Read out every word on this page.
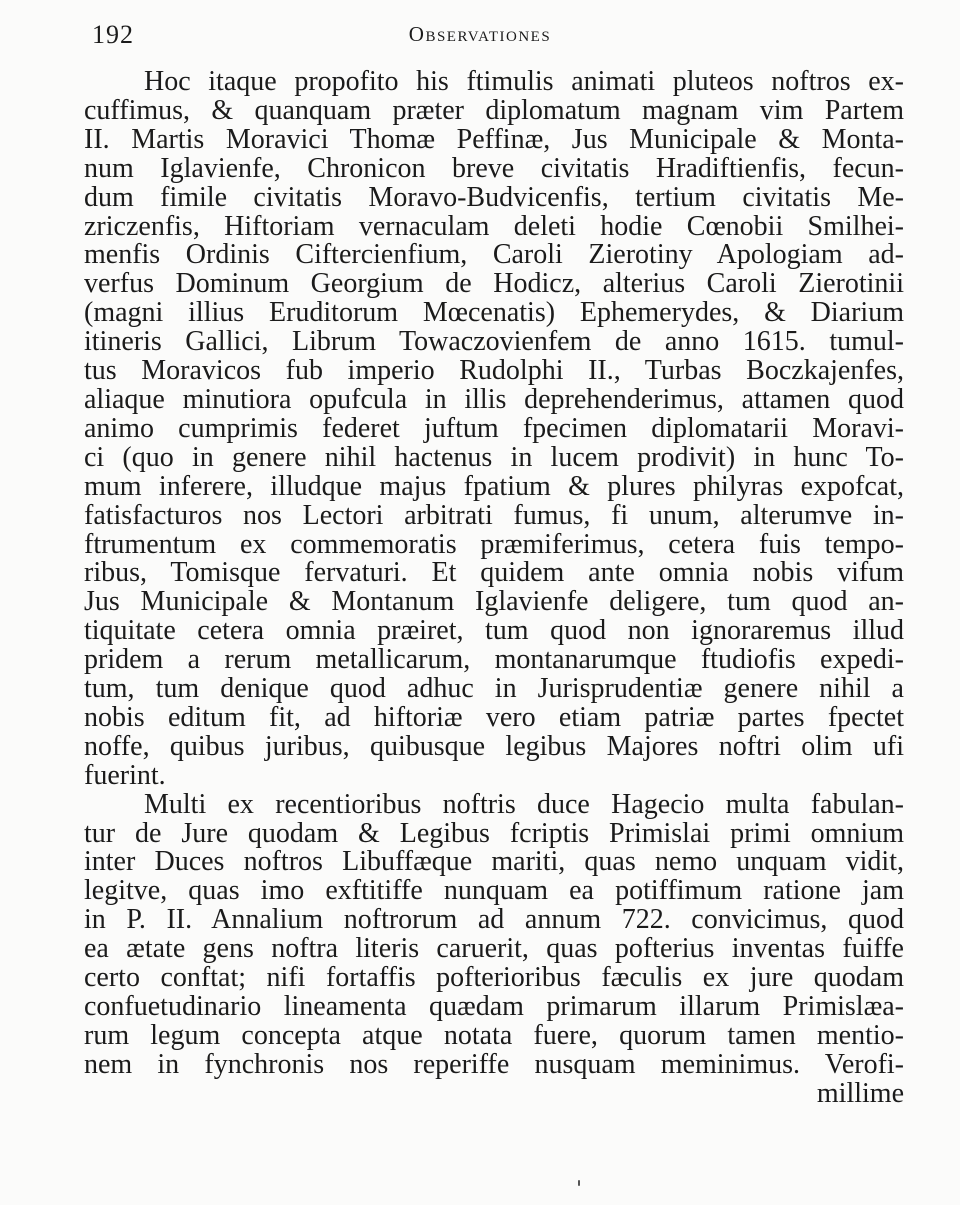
192	Observationes
Hoc itaque propofito his ftimulis animati pluteos noftros ex-
cuffimus, & quanquam præter diplomatum magnam vim Partem
II. Martis Moravici Thomæ Peffinæ, Jus Municipale & Monta-
num Iglavienfe, Chronicon breve civitatis Hradiftienfis, fecun-
dum fimile civitatis Moravo-Budvicenfis, tertium civitatis Me-
zriczenfis, Hiftoriam vernaculam deleti hodie Cœnobii Smilhei-
menfis Ordinis Ciftercienfium, Caroli Zierotiny Apologiam ad-
verfus Dominum Georgium de Hodicz, alterius Caroli Zierotinii
(magni illius Eruditorum Mœcenatis) Ephemerydes, & Diarium
itineris Gallici, Librum Towaczovienfem de anno 1615. tumul-
tus Moravicos fub imperio Rudolphi II., Turbas Boczkajenfes,
aliaque minutiora opufcula in illis deprehenderimus, attamen quod
animo cumprimis federet juftum fpecimen diplomatarii Moravi-
ci (quo in genere nihil hactenus in lucem prodivit) in hunc To-
mum inferere, illudque majus fpatium & plures philyras expofcat,
fatisfacturos nos Lectori arbitrati fumus, fi unum, alterumve in-
ftrumentum ex commemoratis præmiferimus, cetera fuis tempo-
ribus, Tomisque fervaturi. Et quidem ante omnia nobis vifum
Jus Municipale & Montanum Iglavienfe deligere, tum quod an-
tiquitate cetera omnia præiret, tum quod non ignoraremus illud
pridem a rerum metallicarum, montanarumque ftudiofis expedi-
tum, tum denique quod adhuc in Jurisprudentiæ genere nihil a
nobis editum fit, ad hiftoriæ vero etiam patriæ partes fpectet
noffe, quibus juribus, quibusque legibus Majores noftri olim ufi
fuerint.
Multi ex recentioribus noftris duce Hagecio multa fabulan-
tur de Jure quodam & Legibus fcriptis Primislai primi omnium
inter Duces noftros Libuffæque mariti, quas nemo unquam vidit,
legitve, quas imo exftitiffe nunquam ea potiffimum ratione jam
in P. II. Annalium noftrorum ad annum 722. convicimus, quod
ea ætate gens noftra literis caruerit, quas pofterius inventas fuiffe
certo conftat; nifi fortaffis pofterioribus fæculis ex jure quodam
confuetudinario lineamenta quædam primarum illarum Primislæa-
rum legum concepta atque notata fuere, quorum tamen mentio-
nem in fynchronis nos reperiffe nusquam meminimus. Verofi-
millime
